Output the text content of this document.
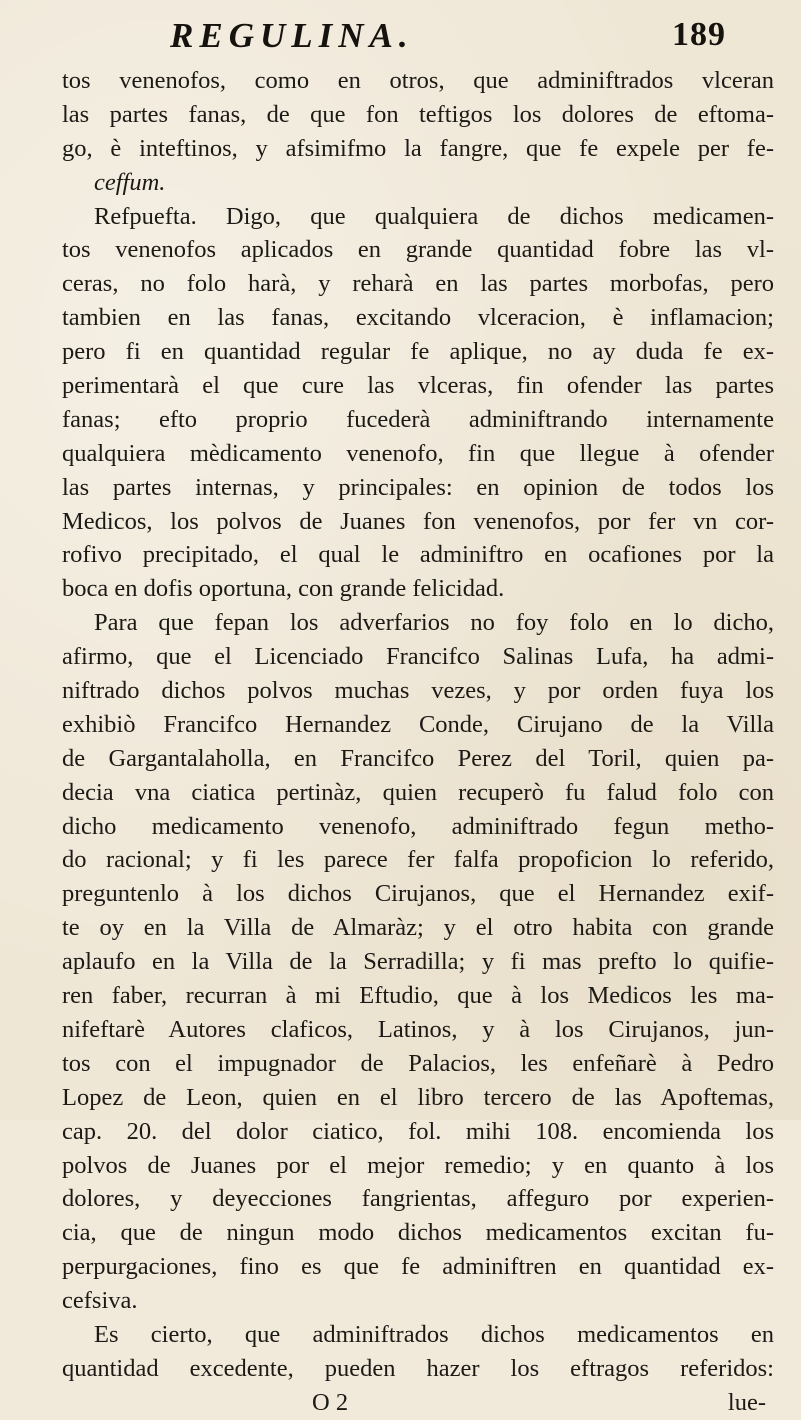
REGULINA.	189
tos venenofos, como en otros, que adminiftrados vlceran
las partes fanas, de que fon teftigos los dolores de eftoma-
go, è inteftinos, y afsimifmo la fangre, que fe expele per fe-
ceffum.
Refpuefta. Digo, que qualquiera de dichos medicamen-
tos venenofos aplicados en grande quantidad fobre las vl-
ceras, no folo harà, y reharà en las partes morbofas, pero
tambien en las fanas, excitando vlceracion, è inflamacion;
pero fi en quantidad regular fe aplique, no ay duda fe ex-
perimentarà el que cure las vlceras, fin ofender las partes
fanas; efto proprio fucederà adminiftrando internamente
qualquiera mèdicamento venenofo, fin que llegue à ofender
las partes internas, y principales: en opinion de todos los
Medicos, los polvos de Juanes fon venenofos, por fer vn cor-
rofivo precipitado, el qual le adminiftro en ocafiones por la
boca en dofis oportuna, con grande felicidad.
Para que fepan los adverfarios no foy folo en lo dicho,
afirmo, que el Licenciado Francifco Salinas Lufa, ha admi-
niftrado dichos polvos muchas vezes, y por orden fuya los
exhibiò Francifco Hernandez Conde, Cirujano de la Villa
de Gargantalaholla, en Francifco Perez del Toril, quien pa-
decia vna ciatica pertinàz, quien recuperò fu falud folo con
dicho medicamento venenofo, adminiftrado fegun metho-
do racional; y fi les parece fer falfa propoficion lo referido,
preguntenlo à los dichos Cirujanos, que el Hernandez exif-
te oy en la Villa de Almaràz; y el otro habita con grande
aplaufo en la Villa de la Serradilla; y fi mas prefto lo quifie-
ren faber, recurran à mi Eftudio, que à los Medicos les ma-
nifeftarè Autores claficos, Latinos, y à los Cirujanos, jun-
tos con el impugnador de Palacios, les enfeñarè à Pedro
Lopez de Leon, quien en el libro tercero de las Apoftemas,
cap. 20. del dolor ciatico, fol. mihi 108. encomienda los
polvos de Juanes por el mejor remedio; y en quanto à los
dolores, y deyecciones fangrientas, affeguro por experien-
cia, que de ningun modo dichos medicamentos excitan fu-
perpurgaciones, fino es que fe adminiftren en quantidad ex-
cefsiva.
Es cierto, que adminiftrados dichos medicamentos en
quantidad excedente, pueden hazer los eftragos referidos:
O 2	lue-
